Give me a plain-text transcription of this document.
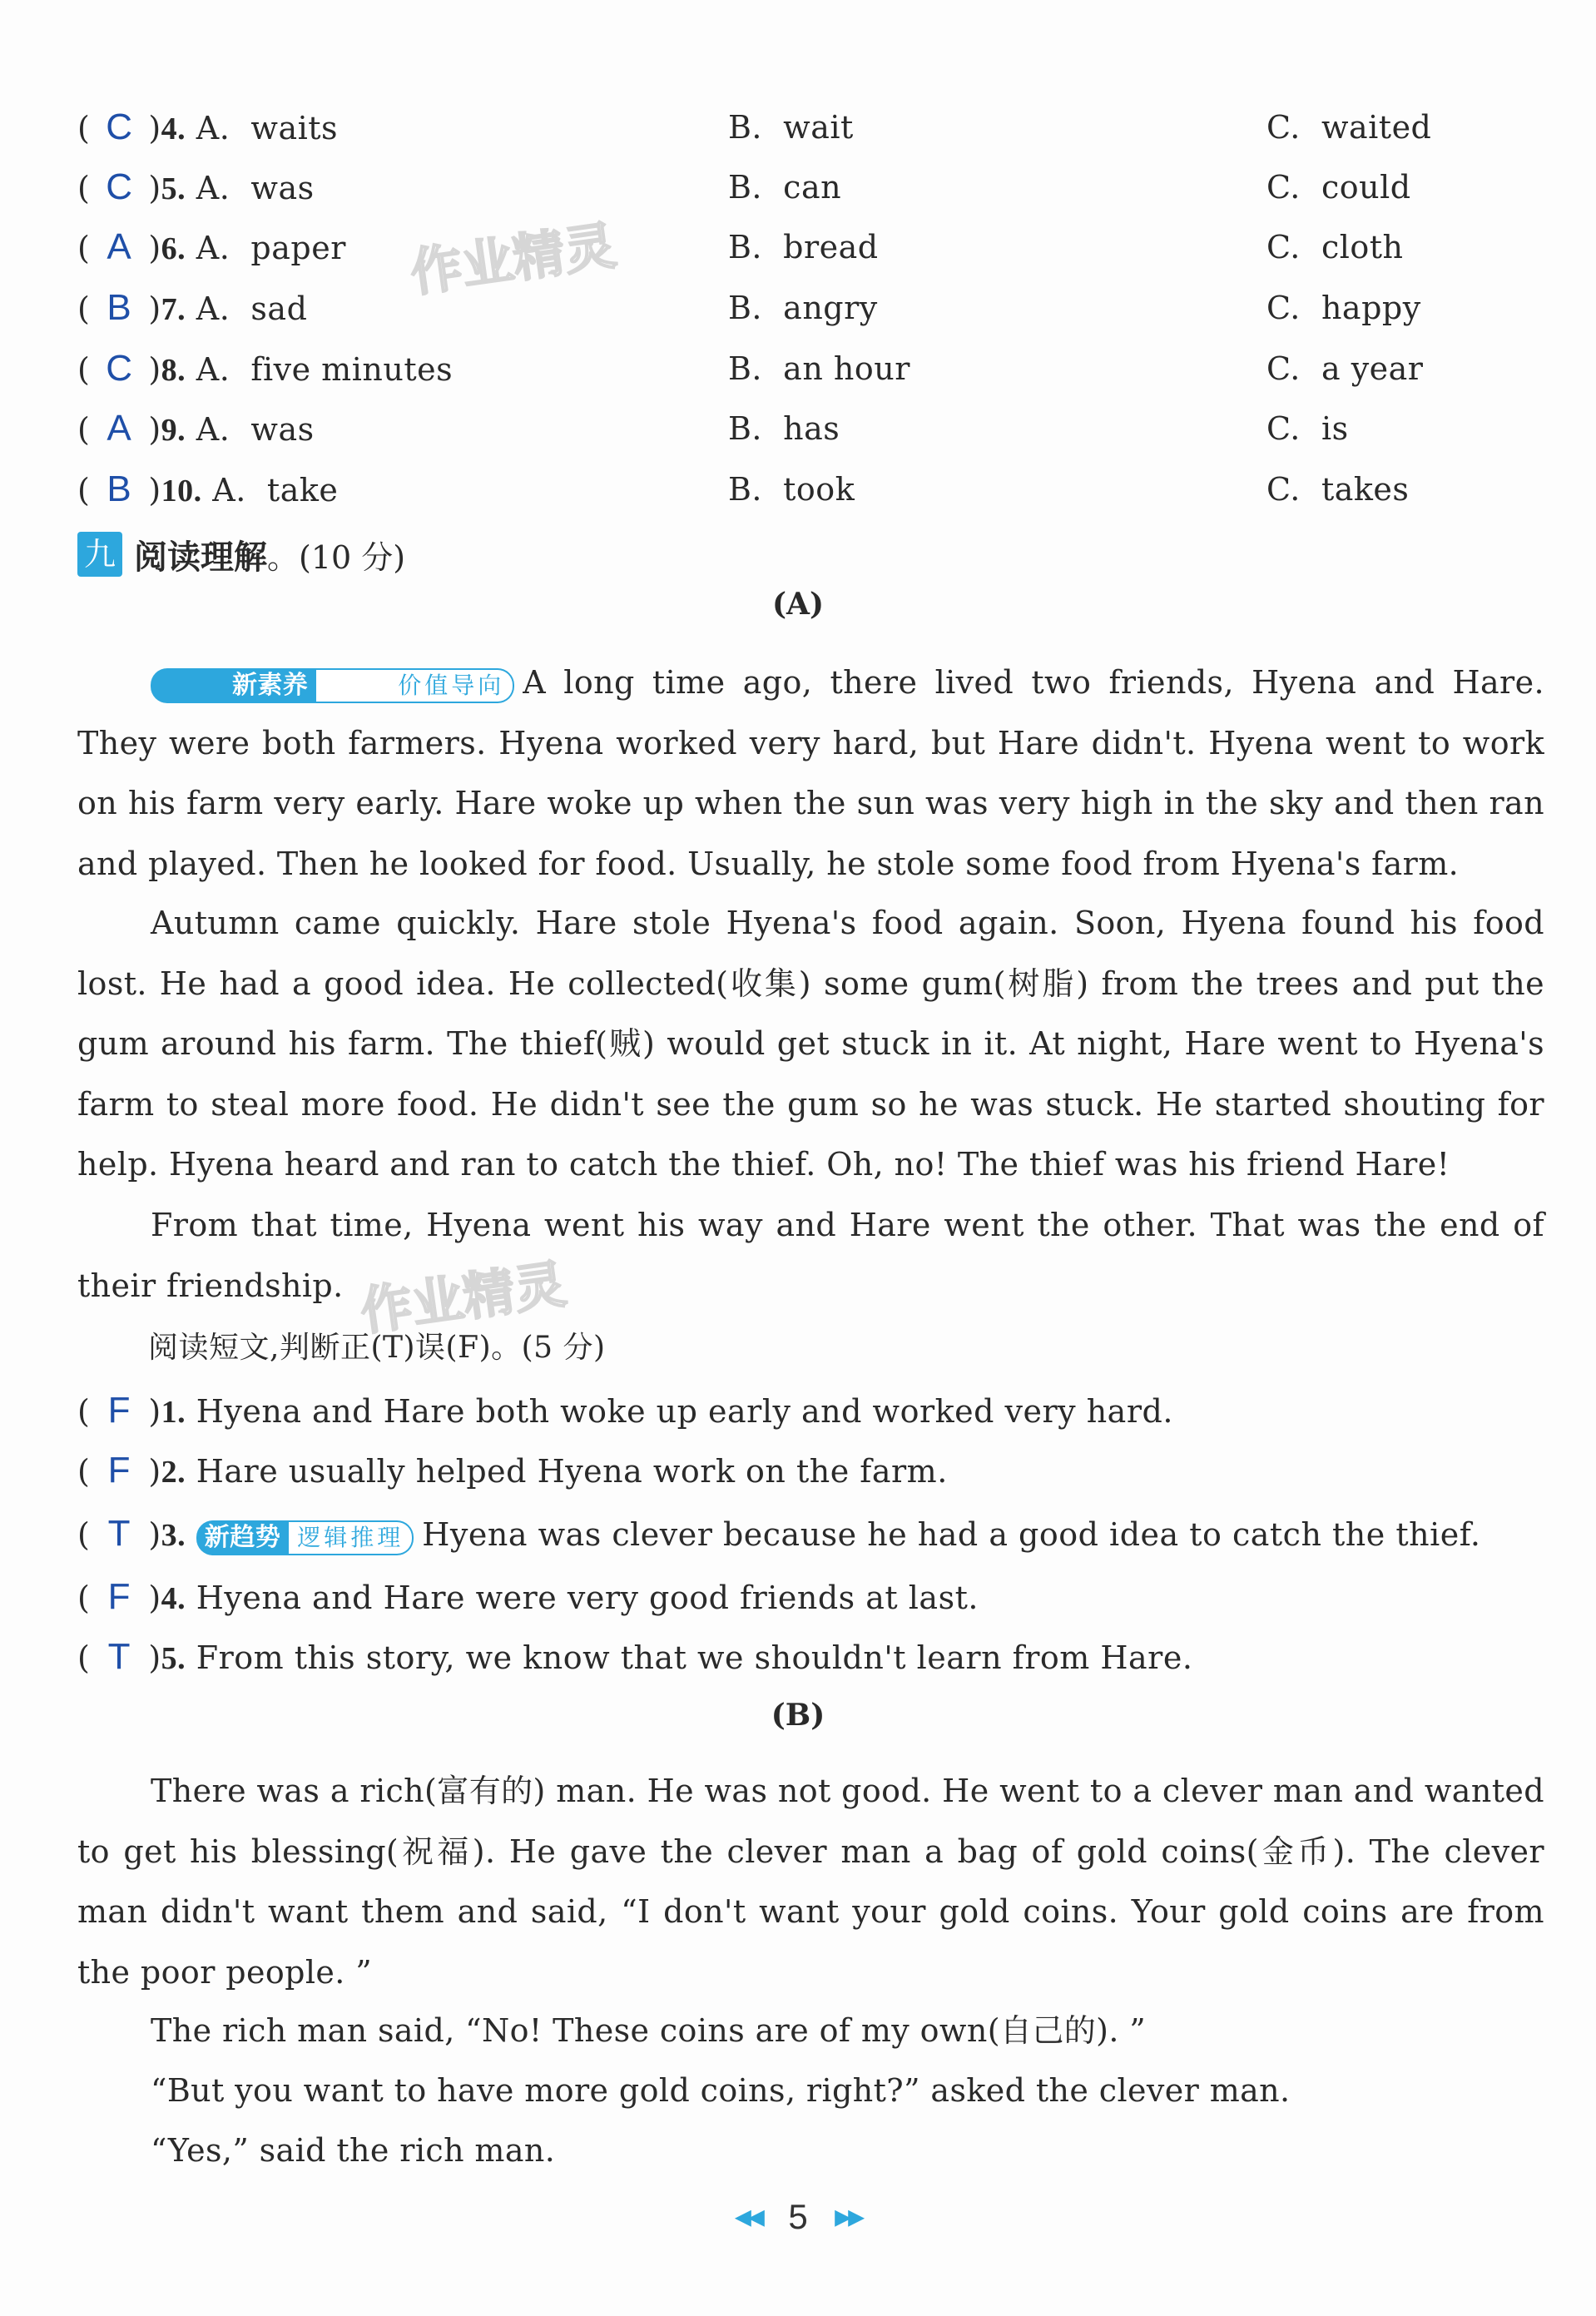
( C )4. A.  waits	B.  wait	C.  waited
( C )5. A.  was	B.  can	C.  could
( A )6. A.  paper	B.  bread	C.  cloth
( B )7. A.  sad	B.  angry	C.  happy
( C )8. A.  five minutes	B.  an hour	C.  a year
( A )9. A.  was	B.  has	C.  is
( B )10. A.  take	B.  took	C.  takes
九 阅读理解 。(10 分)
(A)
新素养	价值导向 A long time ago, there lived two friends, Hyena and Hare. They were both farmers. Hyena worked very hard, but Hare didn't. Hyena went to work on his farm very early. Hare woke up when the sun was very high in the sky and then ran and played. Then he looked for food. Usually, he stole some food from Hyena's farm.
Autumn came quickly. Hare stole Hyena's food again. Soon, Hyena found his food lost. He had a good idea. He collected(收集) some gum(树脂) from the trees and put the gum around his farm. The thief(贼) would get stuck in it. At night, Hare went to Hyena's farm to steal more food. He didn't see the gum so he was stuck. He started shouting for help. Hyena heard and ran to catch the thief. Oh, no! The thief was his friend Hare!
From that time, Hyena went his way and Hare went the other. That was the end of their friendship.
作业精灵
作业精灵
阅读短文,判断正(T)误(F)。(5 分)
( F )1. Hyena and Hare both woke up early and worked very hard.
( F )2. Hare usually helped Hyena work on the farm.
( T )3. 新趋势 逻辑推理 Hyena was clever because he had a good idea to catch the thief.
( F )4. Hyena and Hare were very good friends at last.
( T )5. From this story, we know that we shouldn't learn from Hare.
(B)
There was a rich(富有的) man. He was not good. He went to a clever man and wanted to get his blessing(祝福). He gave the clever man a bag of gold coins(金币). The clever man didn't want them and said, “I don't want your gold coins. Your gold coins are from the poor people. ”
The rich man said, “No! These coins are of my own(自己的). ”
“But you want to have more gold coins, right?” asked the clever man.
“Yes,” said the rich man.
◀◀ 5 ▶▶
